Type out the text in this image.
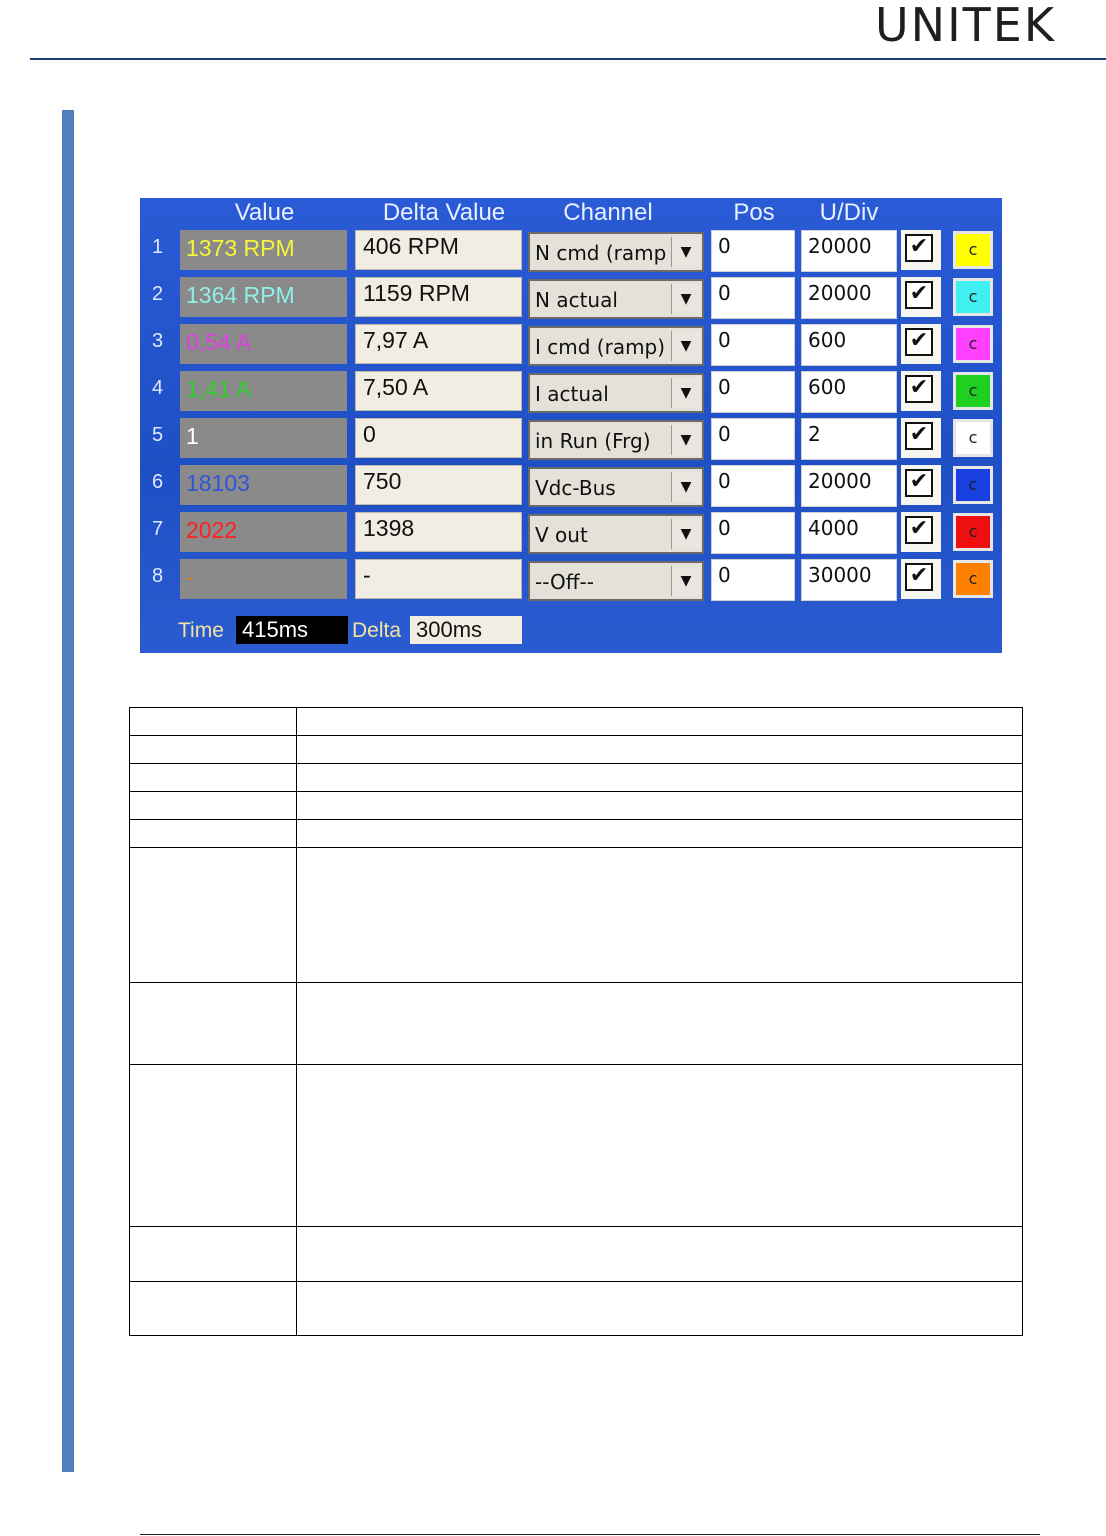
UNITEK
Value	Delta Value	Channel	Pos	U/Div
1 1373 RPM	406 RPM	N cmd (ramp	▼	0	20000	✔	c
2 1364 RPM	1159 RPM	N actual	▼	0	20000	✔	c
3 0,54 A	7,97 A	I cmd (ramp)	▼	0	600	✔	c
4 1,41 A	7,50 A	I actual	▼	0	600	✔	c
5 1	0	in Run (Frg)	▼	0	2	✔	c
6 18103	750	Vdc-Bus	▼	0	20000	✔	c
7 2022	1398	V out	▼	0	4000	✔	c
8 -	-	--Off--	▼	0	30000	✔	c
Time 415ms	Delta 300ms
